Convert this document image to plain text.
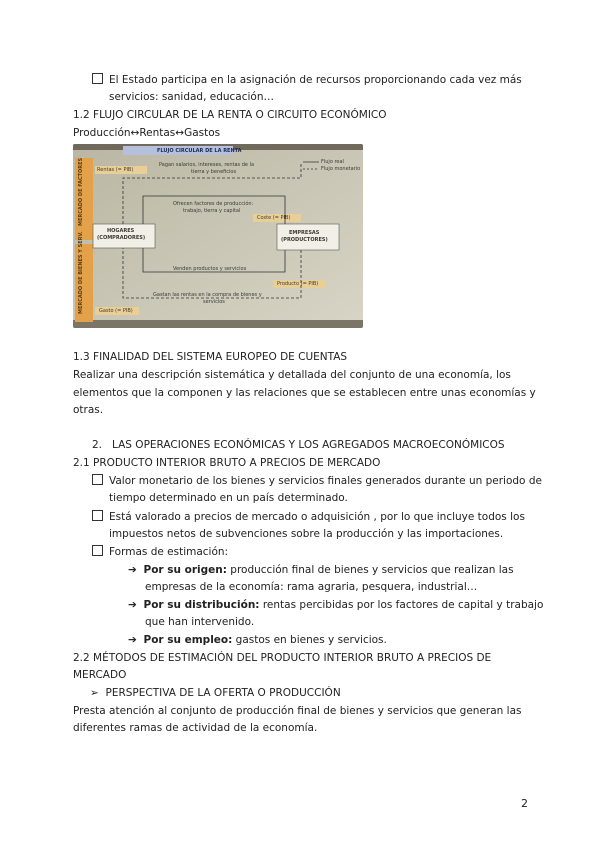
El Estado participa en la asignación de recursos proporcionando cada vez más
servicios: sanidad, educación…
1.2 FLUJO CIRCULAR DE LA RENTA O CIRCUITO ECONÓMICO
Producción↔Rentas↔Gastos
FLUJO CIRCULAR DE LA RENTA
Pagan salarios, intereses, rentas de la
tierra y beneficios
Flujo real
Flujo monetario
Rentas (= PIB)
MERCADO DE FACTORES
MERCADO DE BIENES Y SERV.
Ofrecen factores de producción:
trabajo, tierra y capital
Coste (= PIB)
HOGARES
(COMPRADORES)
EMPRESAS
(PRODUCTORES)
Venden productos y servicios
Producto (= PIB)
Gastan las rentas en la compra de bienes y
servicios
Gasto (= PIB)
1.3 FINALIDAD DEL SISTEMA EUROPEO DE CUENTAS
Realizar una descripción sistemática y detallada del conjunto de una economía, los
elementos que la componen y las relaciones que se establecen entre unas economías y
otras.
2.   LAS OPERACIONES ECONÓMICAS Y LOS AGREGADOS MACROECONÓMICOS
2.1 PRODUCTO INTERIOR BRUTO A PRECIOS DE MERCADO
Valor monetario de los bienes y servicios finales generados durante un periodo de
tiempo determinado en un país determinado.
Está valorado a precios de mercado o adquisición , por lo que incluye todos los
impuestos netos de subvenciones sobre la producción y las importaciones.
Formas de estimación:
➔ Por su origen: producción final de bienes y servicios que realizan las
empresas de la economía: rama agraria, pesquera, industrial…
➔ Por su distribución: rentas percibidas por los factores de capital y trabajo
que han intervenido.
➔ Por su empleo: gastos en bienes y servicios.
2.2 MÉTODOS DE ESTIMACIÓN DEL PRODUCTO INTERIOR BRUTO A PRECIOS DE
MERCADO
➢ PERSPECTIVA DE LA OFERTA O PRODUCCIÓN
Presta atención al conjunto de producción final de bienes y servicios que generan las
diferentes ramas de actividad de la economía.
2
